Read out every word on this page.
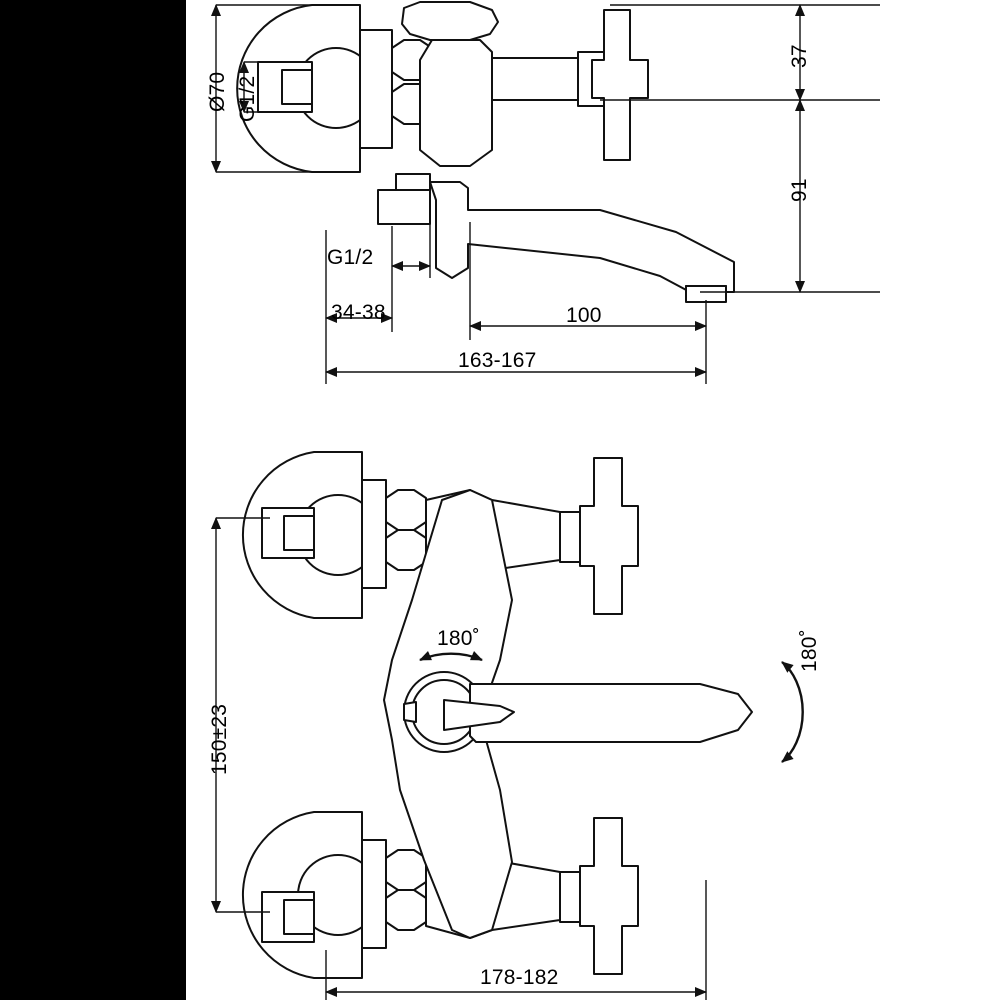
Ø70 G1/2
37
91
G1/2
34-38	100
163-167
150±23
180˚	180˚
178-182
